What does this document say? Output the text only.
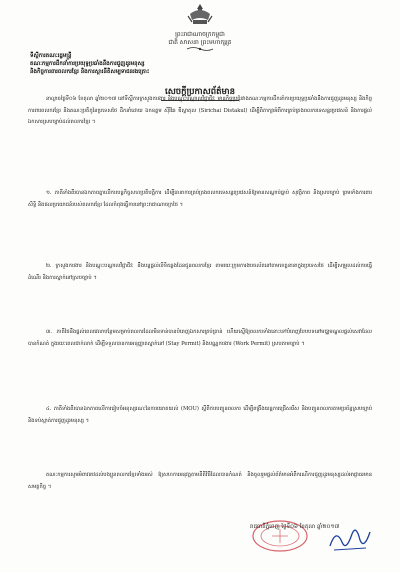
ព្រះរាជាណាចក្រកម្ពុជា
ជាតិ សាសនា ព្រះមហាក្សត្រ
ទីស្ដីការគណៈរដ្ឋមន្ត្រី
គណៈកម្មការដឹកនាំការប្រយុទ្ធប្រឆាំងនឹងការជួញដូរមនុស្ស
និងកិច្ចការពារពលករខ្មែរ និងការស្ដារនីតិសម្បទាជនរងគ្រោះ
សេចក្ដីប្រកាសព័ត៌មាន

នាល្ងាចថ្ងៃទី០៦ ខែតុលា ឆ្នាំ២០១៧ នៅទីស្ដីការក្រសួងការងារ និងបណ្ដុះបណ្ដាលវិជ្ជាជីវៈ មានកិច្ចប្រជុំរវាងគណៈកម្មការដឹកនាំការប្រយុទ្ធប្រឆាំងនឹងការជួញដូរមនុស្ស និងកិច្ចការពារពលករខ្មែរ និងគណៈប្រតិភូនៃប្រទេសថៃ ដឹកនាំដោយ ឯកឧត្ដម ស៊ីរិឆៃ ឌីស្ដាគុល (Sirichai Distakul) ដើម្បីពិភាក្សាអំពីការគ្រប់គ្រងពលករទេសន្ដរប្រវេសន៍ និងការផ្ដល់ឯកសារស្របច្បាប់ដល់ពលករខ្មែរ ។

១. ភាគីទាំងពីរបានឯកភាពគ្នាលើការបន្តកិច្ចសហប្រតិបត្តិការ ដើម្បីធានាការគ្រប់គ្រងពលករទេសន្ដរប្រវេសន៍ឱ្យមានសណ្ដាប់ធ្នាប់ សុវត្ថិភាព និងស្របច្បាប់ ព្រមទាំងការពារសិទ្ធិ និងផលប្រយោជន៍របស់ពលករខ្មែរ ដែលកំពុងធ្វើការនៅព្រះរាជាណាចក្រថៃ ។

២. ក្រសួងការងារ និងបណ្ដុះបណ្ដាលវិជ្ជាជីវៈ នឹងបន្តផ្ដល់លិខិតឆ្លងដែនជូនពលករខ្មែរ តាមរយៈក្រុមការងារចល័តនៅតាមខេត្តនានាក្នុងប្រទេសថៃ ដើម្បីសម្រួលដល់ការធ្វើដំណើរ និងការស្នាក់នៅស្របច្បាប់ ។

៣. ភាគីថៃនឹងផ្ដល់ពេលវេលាបន្ថែមសម្រាប់ពលករដែលមិនទាន់បានបំពេញឯកសារគ្រប់គ្រាន់ ហើយស្នើឱ្យពលករទាំងនោះទៅបំពេញបែបបទនៅមជ្ឈមណ្ឌលផ្ដល់សេវាដែលបានកំណត់ ក្នុងរយៈពេលជាក់លាក់ ដើម្បីទទួលបានការអនុញ្ញាតស្នាក់នៅ (Stay Permit) និងបណ្ណការងារ (Work Permit) ស្របតាមច្បាប់ ។

៤. ភាគីទាំងពីរបានឯកភាពលើការរៀបចំអនុស្សរណៈនៃការយោគយល់ (MOU) ស្ដីពីការបញ្ជូនពលករ ដើម្បីពង្រឹងយន្តការជ្រើសរើស និងបញ្ជូនពលករតាមប្រព័ន្ធស្របច្បាប់ និងទប់ស្កាត់ការជួញដូរមនុស្ស ។

គណៈកម្មការសូមអំពាវនាវដល់បងប្អូនពលករខ្មែរទាំងអស់ ឱ្យសហការអនុវត្តតាមនីតិវិធីដែលបានកំណត់ និងចូលរួមផ្ដល់ព័ត៌មានអំពីករណីការជួញដូរមនុស្សដល់អាជ្ញាធរមានសមត្ថកិច្ច ។

រាជធានីភ្នំពេញ ថ្ងៃទី០៦ ខែតុលា ឆ្នាំ២០១៧
